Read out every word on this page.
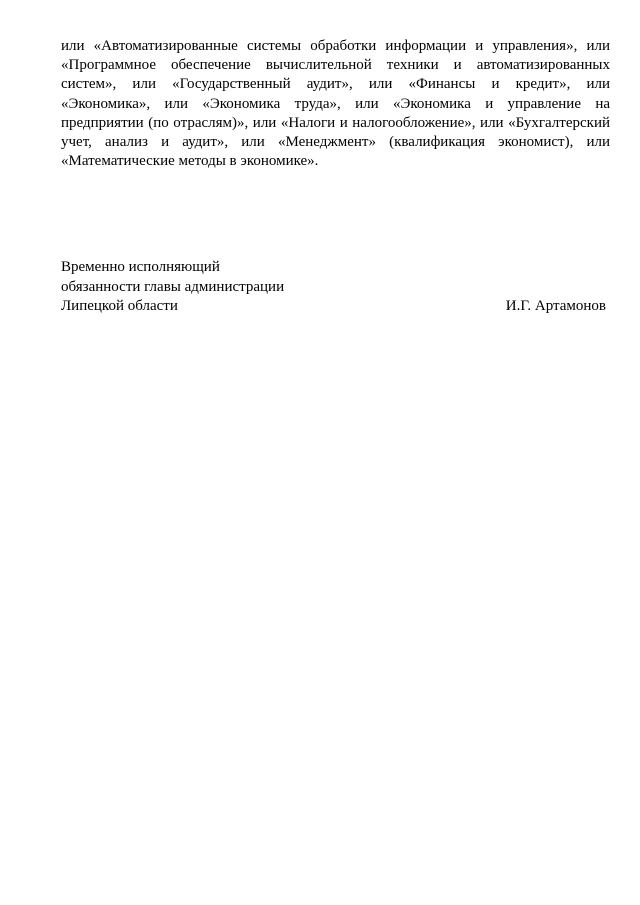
или «Автоматизированные системы обработки информации и управления», или
«Программное обеспечение вычислительной техники и автоматизированных
систем», или «Государственный аудит», или «Финансы и кредит», или
«Экономика», или «Экономика труда», или «Экономика и управление на
предприятии (по отраслям)», или «Налоги и налогообложение», или «Бухгалтерский
учет, анализ и аудит», или «Менеджмент» (квалификация экономист), или
«Математические методы в экономике».
Временно исполняющий
обязанности главы администрации
Липецкой области	И.Г. Артамонов
